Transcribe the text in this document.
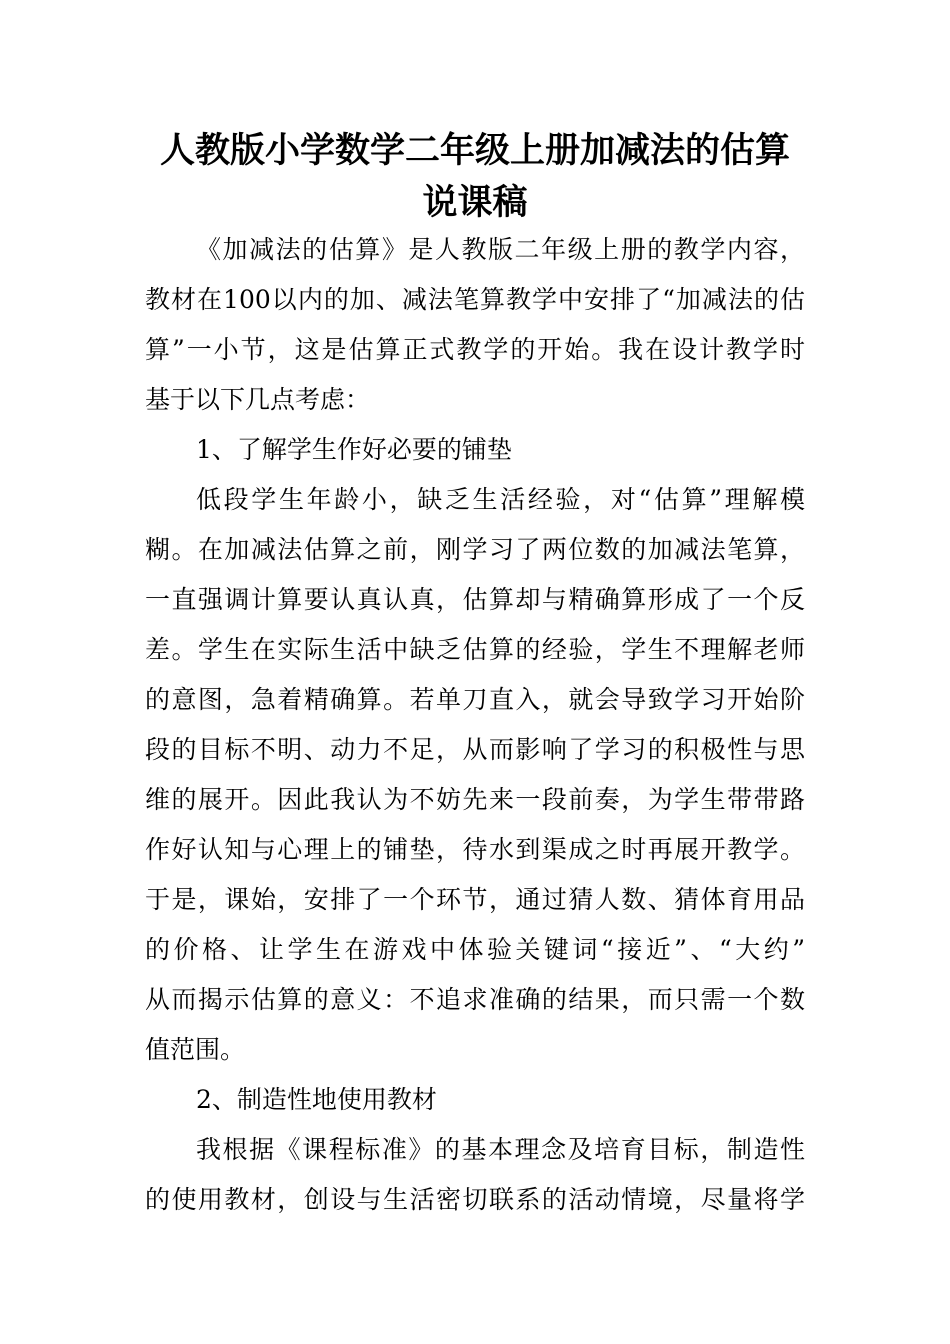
人教版小学数学二年级上册加减法的估算
说课稿
《加减法的估算》是人教版二年级上册的教学内容，
教材在100以内的加、减法笔算教学中安排了“加减法的估
算”一小节，这是估算正式教学的开始。我在设计教学时
基于以下几点考虑：
1、了解学生作好必要的铺垫
低段学生年龄小，缺乏生活经验，对“估算”理解模
糊。在加减法估算之前，刚学习了两位数的加减法笔算，
一直强调计算要认真认真，估算却与精确算形成了一个反
差。学生在实际生活中缺乏估算的经验，学生不理解老师
的意图，急着精确算。若单刀直入，就会导致学习开始阶
段的目标不明、动力不足，从而影响了学习的积极性与思
维的展开。因此我认为不妨先来一段前奏，为学生带带路
作好认知与心理上的铺垫，待水到渠成之时再展开教学。
于是，课始，安排了一个环节，通过猜人数、猜体育用品
的价格、让学生在游戏中体验关键词“接近”、“大约”
从而揭示估算的意义：不追求准确的结果，而只需一个数
值范围。
2、制造性地使用教材
我根据《课程标准》的基本理念及培育目标，制造性
的使用教材，创设与生活密切联系的活动情境，尽量将学
